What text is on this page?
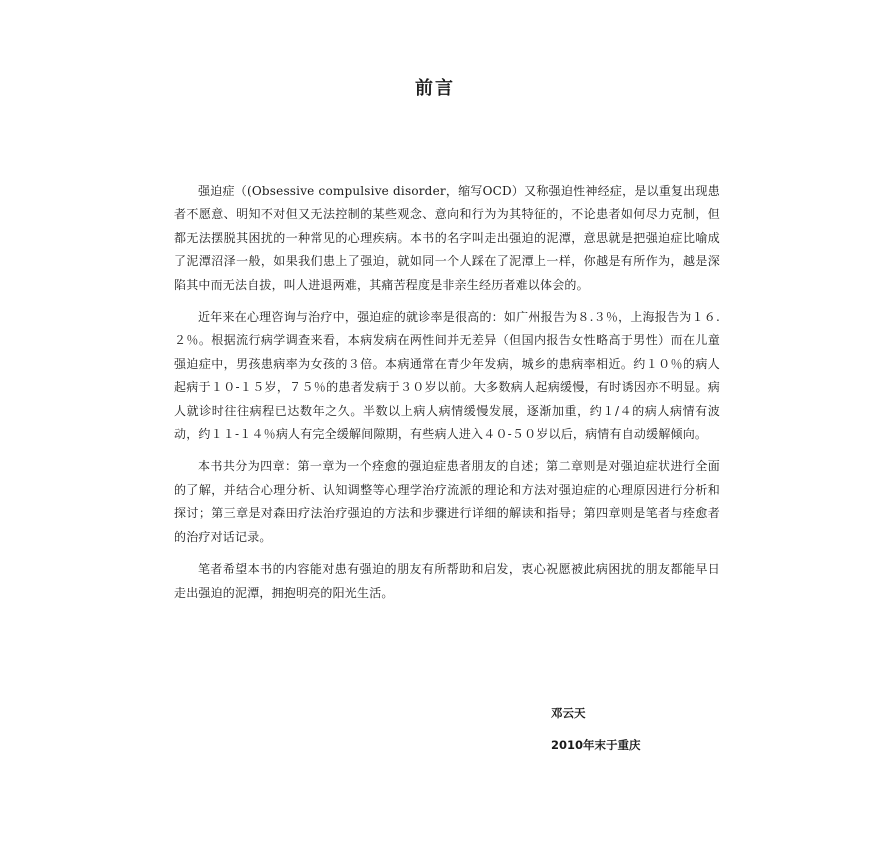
前言

强迫症（(Obsessive compulsive disorder，缩写OCD）又称强迫性神经症，是以重复出现患者不愿意、明知不对但又无法控制的某些观念、意向和行为为其特征的，不论患者如何尽力克制，但都无法摆脱其困扰的一种常见的心理疾病。本书的名字叫走出强迫的泥潭，意思就是把强迫症比喻成了泥潭沼泽一般，如果我们患上了强迫，就如同一个人踩在了泥潭上一样，你越是有所作为，越是深陷其中而无法自拔，叫人进退两难，其痛苦程度是非亲生经历者难以体会的。

近年来在心理咨询与治疗中，强迫症的就诊率是很高的：如广州报告为８.３％，上海报告为１６.２％。根据流行病学调查来看，本病发病在两性间并无差异（但国内报告女性略高于男性）而在儿童强迫症中，男孩患病率为女孩的３倍。本病通常在青少年发病，城乡的患病率相近。约１０％的病人起病于１０-１５岁，７５％的患者发病于３０岁以前。大多数病人起病缓慢，有时诱因亦不明显。病人就诊时往往病程已达数年之久。半数以上病人病情缓慢发展，逐渐加重，约１/４的病人病情有波动，约１１-１４％病人有完全缓解间隙期，有些病人进入４０-５０岁以后，病情有自动缓解倾向。

本书共分为四章：第一章为一个痊愈的强迫症患者朋友的自述；第二章则是对强迫症状进行全面的了解，并结合心理分析、认知调整等心理学治疗流派的理论和方法对强迫症的心理原因进行分析和探讨；第三章是对森田疗法治疗强迫的方法和步骤进行详细的解读和指导；第四章则是笔者与痊愈者的治疗对话记录。

笔者希望本书的内容能对患有强迫的朋友有所帮助和启发，衷心祝愿被此病困扰的朋友都能早日走出强迫的泥潭，拥抱明亮的阳光生活。

邓云天
2010年末于重庆
